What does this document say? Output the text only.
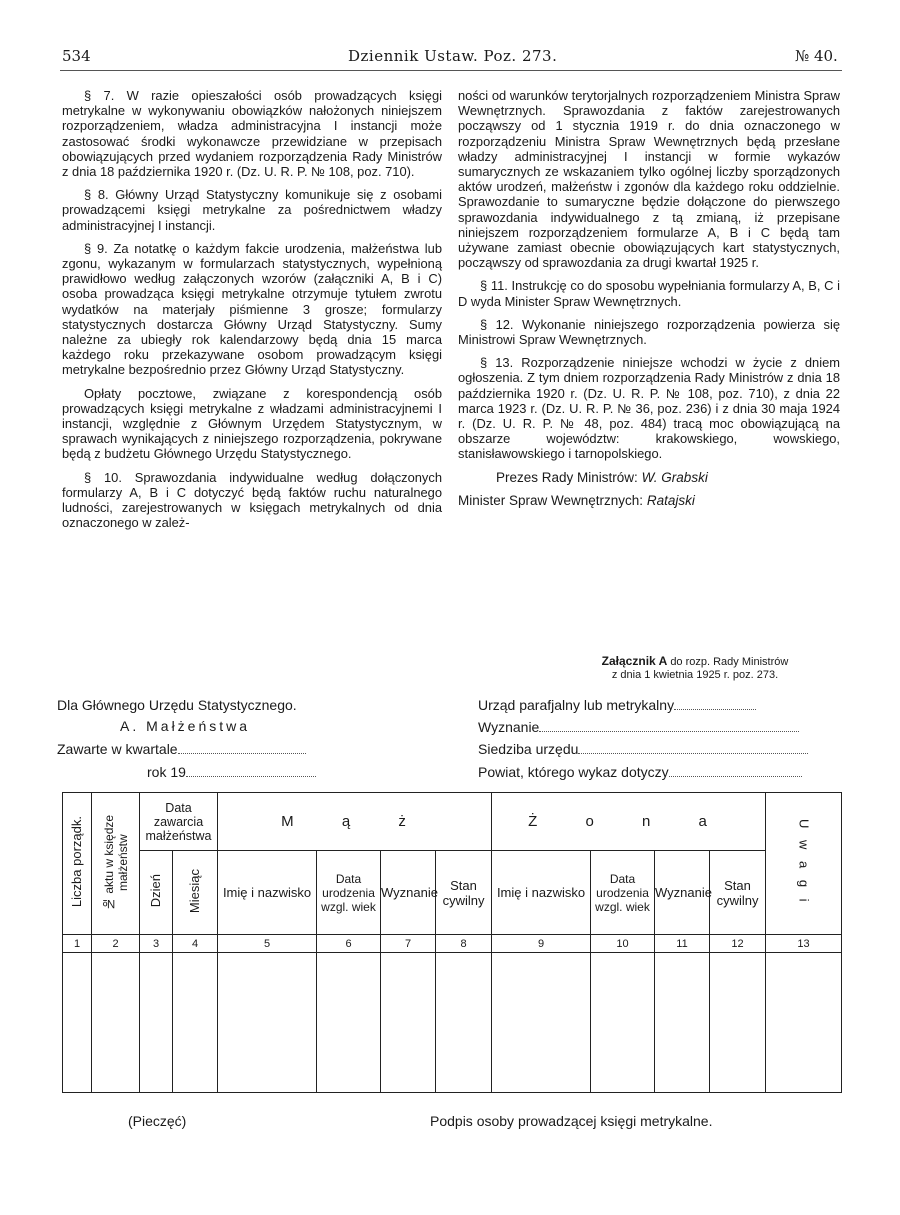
534	Dziennik Ustaw. Poz. 273.	№ 40.

§ 7. W razie opieszałości osób prowadzących księgi metrykalne w wykonywaniu obowiązków nałożonych niniejszem rozporządzeniem, władza administracyjna I instancji może zastosować środki wykonawcze przewidziane w przepisach obowiązujących przed wydaniem rozporządzenia Rady Ministrów z dnia 18 października 1920 r. (Dz. U. R. P. № 108, poz. 710).

§ 8. Główny Urząd Statystyczny komunikuje się z osobami prowadzącemi księgi metrykalne za pośrednictwem władzy administracyjnej I instancji.

§ 9. Za notatkę o każdym fakcie urodzenia, małżeństwa lub zgonu, wykazanym w formularzach statystycznych, wypełnioną prawidłowo według załączonych wzorów (załączniki A, B i C) osoba prowadząca księgi metrykalne otrzymuje tytułem zwrotu wydatków na materjały piśmienne 3 grosze; formularzy statystycznych dostarcza Główny Urząd Statystyczny. Sumy należne za ubiegły rok kalendarzowy będą dnia 15 marca każdego roku przekazywane osobom prowadzącym księgi metrykalne bezpośrednio przez Główny Urząd Statystyczny.

Opłaty pocztowe, związane z korespondencją osób prowadzących księgi metrykalne z władzami administracyjnemi I instancji, względnie z Głównym Urzędem Statystycznym, w sprawach wynikających z niniejszego rozporządzenia, pokrywane będą z budżetu Głównego Urzędu Statystycznego.

§ 10. Sprawozdania indywidualne według dołączonych formularzy A, B i C dotyczyć będą faktów ruchu naturalnego ludności, zarejestrowanych w księgach metrykalnych od dnia oznaczonego w zależ-

ności od warunków terytorjalnych rozporządzeniem Ministra Spraw Wewnętrznych. Sprawozdania z faktów zarejestrowanych począwszy od 1 stycznia 1919 r. do dnia oznaczonego w rozporządzeniu Ministra Spraw Wewnętrznych będą przesłane władzy administracyjnej I instancji w formie wykazów sumarycznych ze wskazaniem tylko ogólnej liczby sporządzonych aktów urodzeń, małżeństw i zgonów dla każdego roku oddzielnie. Sprawozdanie to sumaryczne będzie dołączone do pierwszego sprawozdania indywidualnego z tą zmianą, iż przepisane niniejszem rozporządzeniem formularze A, B i C będą tam używane zamiast obecnie obowiązujących kart statystycznych, począwszy od sprawozdania za drugi kwartał 1925 r.

§ 11. Instrukcję co do sposobu wypełniania formularzy A, B, C i D wyda Minister Spraw Wewnętrznych.

§ 12. Wykonanie niniejszego rozporządzenia powierza się Ministrowi Spraw Wewnętrznych.

§ 13. Rozporządzenie niniejsze wchodzi w życie z dniem ogłoszenia. Z tym dniem rozporządzenia Rady Ministrów z dnia 18 października 1920 r. (Dz. U. R. P. № 108, poz. 710), z dnia 22 marca 1923 r. (Dz. U. R. P. № 36, poz. 236) i z dnia 30 maja 1924 r. (Dz. U. R. P. № 48, poz. 484) tracą moc obowiązującą na obszarze województw: krakowskiego, wowskiego, stanisławowskiego i tarnopolskiego.

Prezes Rady Ministrów: W. Grabski

Minister Spraw Wewnętrznych: Ratajski

Załącznik A do rozp. Rady Ministrów
z dnia 1 kwietnia 1925 r. poz. 273.
Dla Głównego Urzędu Statystycznego.
A. Małżeństwa
Zawarte w kwartale
rok 19
Urząd parafjalny lub metrykalny
Wyznanie
Siedziba urzędu
Powiat, którego wykaz dotyczy
Liczba porządk.	№ aktu w księdze małżeństw	Data zawarcia małżeństwa		M ą ż				Ż o n a				U w a g i
		Dzień	Miesiąc	Imię i nazwisko	Data urodzenia wzgl. wiek	Wyznanie	Stan cywilny	Imię i nazwisko	Data urodzenia wzgl. wiek	Wyznanie	Stan cywilny	
1	2	3	4	5	6	7	8	9	10	11	12	13

(Pieczęć)	Podpis osoby prowadzącej księgi metrykalne.
